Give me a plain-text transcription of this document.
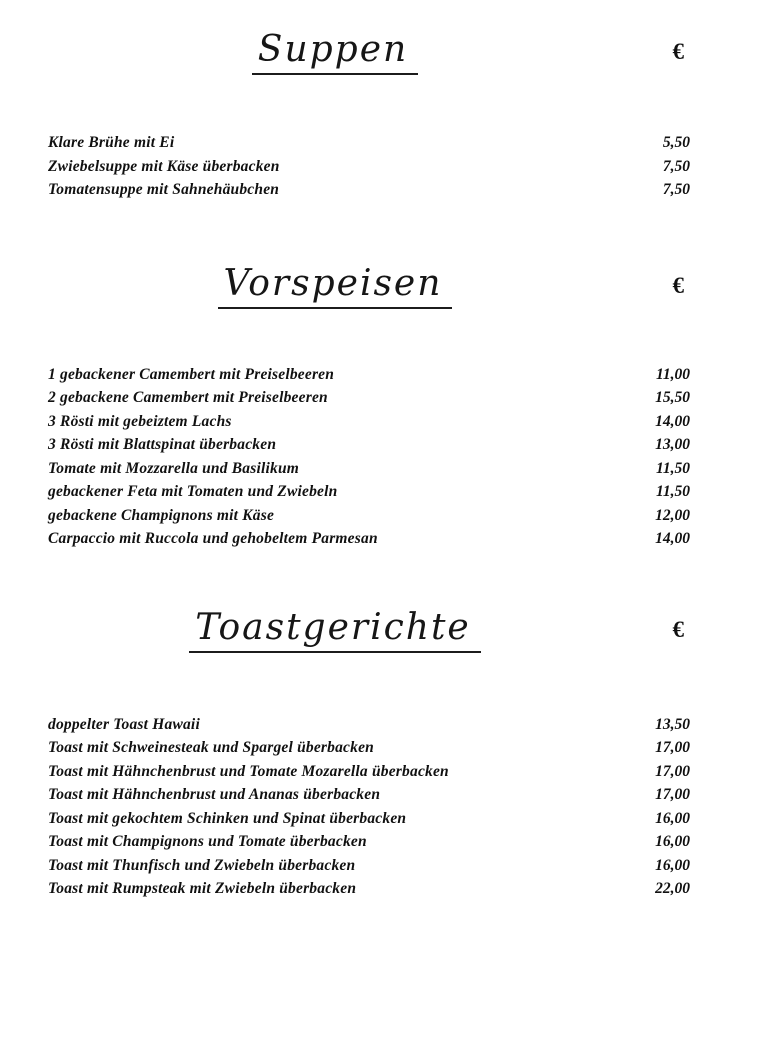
Suppen	€
Klare Brühe mit Ei	5,50
Zwiebelsuppe mit Käse überbacken	7,50
Tomatensuppe mit Sahnehäubchen	7,50
Vorspeisen	€
1 gebackener Camembert mit Preiselbeeren	11,00
2 gebackene Camembert mit Preiselbeeren	15,50
3 Rösti mit gebeiztem Lachs	14,00
3 Rösti mit Blattspinat überbacken	13,00
Tomate mit Mozzarella und Basilikum	11,50
gebackener Feta mit Tomaten und Zwiebeln	11,50
gebackene Champignons mit Käse	12,00
Carpaccio mit Ruccola und gehobeltem Parmesan	14,00
Toastgerichte	€
doppelter Toast Hawaii	13,50
Toast mit Schweinesteak und Spargel überbacken	17,00
Toast mit Hähnchenbrust und Tomate Mozarella überbacken	17,00
Toast mit Hähnchenbrust und Ananas überbacken	17,00
Toast mit gekochtem Schinken und Spinat überbacken	16,00
Toast mit Champignons und Tomate überbacken	16,00
Toast mit Thunfisch und Zwiebeln überbacken	16,00
Toast mit Rumpsteak mit Zwiebeln überbacken	22,00
